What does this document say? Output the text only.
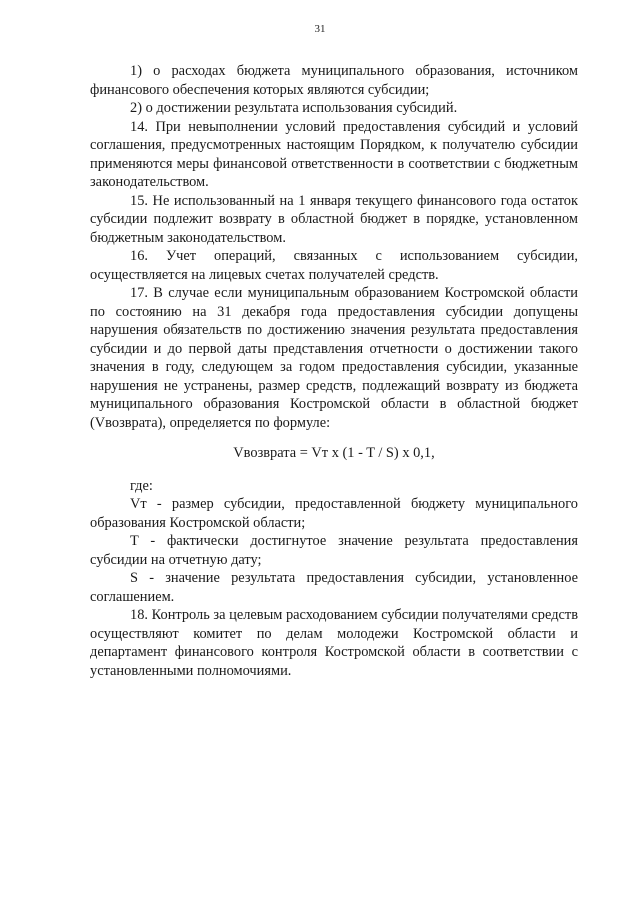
31

1) о расходах бюджета муниципального образования, источником финансового обеспечения которых являются субсидии;

2) о достижении результата использования субсидий.

14. При невыполнении условий предоставления субсидий и условий соглашения, предусмотренных настоящим Порядком, к получателю субсидии применяются меры финансовой ответственности в соответствии с бюджетным законодательством.

15. Не использованный на 1 января текущего финансового года остаток субсидии подлежит возврату в областной бюджет в порядке, установленном бюджетным законодательством.

16. Учет операций, связанных с использованием субсидии, осуществляется на лицевых счетах получателей средств.

17. В случае если муниципальным образованием Костромской области по состоянию на 31 декабря года предоставления субсидии допущены нарушения обязательств по достижению значения результата предоставления субсидии и до первой даты представления отчетности о достижении такого значения в году, следующем за годом предоставления субсидии, указанные нарушения не устранены, размер средств, подлежащий возврату из бюджета муниципального образования Костромской области в областной бюджет (Vвозврата), определяется по формуле:

Vвозврата = Vт x (1 - T / S) x 0,1,

где:

Vт - размер субсидии, предоставленной бюджету муниципального образования Костромской области;

T - фактически достигнутое значение результата предоставления субсидии на отчетную дату;

S - значение результата предоставления субсидии, установленное соглашением.

18. Контроль за целевым расходованием субсидии получателями средств осуществляют комитет по делам молодежи Костромской области и департамент финансового контроля Костромской области в соответствии с установленными полномочиями.
